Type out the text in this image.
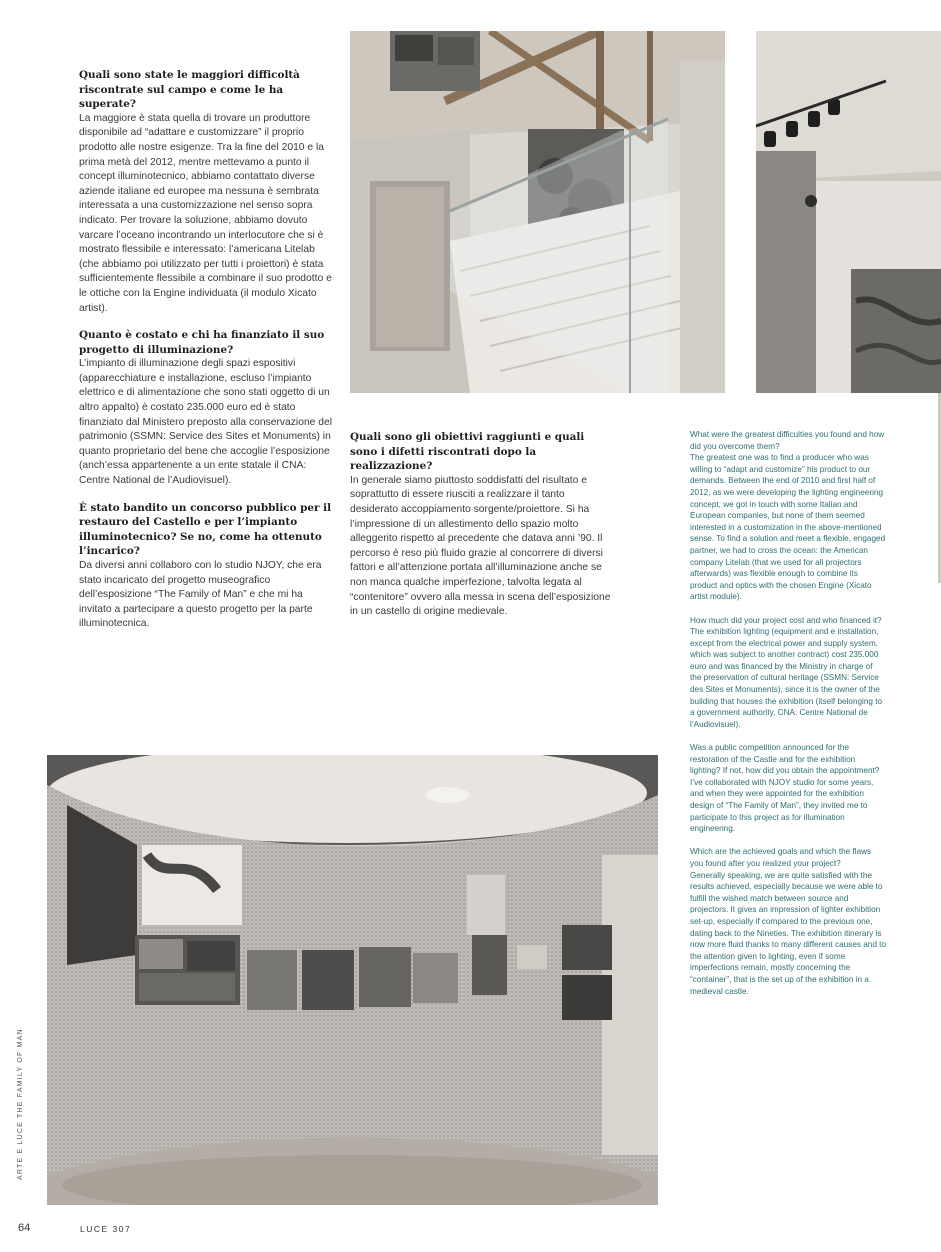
Quali sono state le maggiori difficoltà riscontrate sul campo e come le ha superate?
La maggiore è stata quella di trovare un produttore disponibile ad “adattare e customizzare” il proprio prodotto alle nostre esigenze. Tra la fine del 2010 e la prima metà del 2012, mentre mettevamo a punto il concept illuminotecnico, abbiamo contattato diverse aziende italiane ed europee ma nessuna è sembrata interessata a una customizzazione nel senso sopra indicato. Per trovare la soluzione, abbiamo dovuto varcare l’oceano incontrando un interlocutore che si è mostrato flessibile e interessato: l’americana Litelab (che abbiamo poi utilizzato per tutti i proiettori) è stata sufficientemente flessibile a combinare il suo prodotto e le ottiche con la Engine individuata (il modulo Xicato artist).

Quanto è costato e chi ha finanziato il suo progetto di illuminazione?
L’impianto di illuminazione degli spazi espositivi (apparecchiature e installazione, escluso l’impianto elettrico e di alimentazione che sono stati oggetto di un altro appalto) è costato 235.000 euro ed è stato finanziato dal Ministero preposto alla conservazione del patrimonio (SSMN: Service des Sites et Monuments) in quanto proprietario del bene che accoglie l’esposizione (anch’essa appartenente a un ente statale il CNA: Centre National de l’Audiovisuel).

È stato bandito un concorso pubblico per il restauro del Castello e per l’impianto illuminotecnico? Se no, come ha ottenuto l’incarico?
Da diversi anni collaboro con lo studio NJOY, che era stato incaricato del progetto museografico dell’esposizione “The Family of Man” e che mi ha invitato a partecipare a questo progetto per la parte illuminotecnica.

Quali sono gli obiettivi raggiunti e quali sono i difetti riscontrati dopo la realizzazione?
In generale siamo piuttosto soddisfatti del risultato e soprattutto di essere riusciti a realizzare il tanto desiderato accoppiamento sorgente/proiettore. Si ha l’impressione di un allestimento dello spazio molto alleggerito rispetto al precedente che datava anni ’90. Il percorso è reso più fluido grazie al concorrere di diversi fattori e all’attenzione portata all’illuminazione anche se non manca qualche imperfezione, talvolta legata al “contenitore” ovvero alla messa in scena dell’esposizione in un castello di origine medievale.

What were the greatest difficulties you found and how did you overcome them?
The greatest one was to find a producer who was willing to “adapt and customize” his product to our demands. Between the end of 2010 and first half of 2012, as we were developing the lighting engineering concept, we got in touch with some Italian and European companies, but none of them seemed interested in a customization in the above-mentioned sense. To find a solution and meet a flexible, engaged partner, we had to cross the ocean: the American company Litelab (that we used for all projectors afterwards) was flexible enough to combine its product and optics with the chosen Engine (Xicato artist module).

How much did your project cost and who financed it?
The exhibition lighting (equipment and e installation, except from the electrical power and supply system, which was subject to another contract) cost 235.000 euro and was financed by the Ministry in charge of the preservation of cultural heritage (SSMN: Service des Sites et Monuments), since it is the owner of the building that houses the exhibition (itself belonging to a government authority, CNA: Centre National de l’Audiovisuel).

Was a public competition announced for the restoration of the Castle and for the exhibition lighting? If not, how did you obtain the appointment?
I’ve collaborated with NJOY studio for some years, and when they were appointed for the exhibition design of “The Family of Man”, they invited me to participate to this project as for illumination engineering.

Which are the achieved goals and which the flaws you found after you realized your project?
Generally speaking, we are quite satisfied with the results achieved, especially because we were able to fulfill the wished match between source and projectors. It gives an impression of lighter exhibition set-up, especially if compared to the previous one, dating back to the Nineties. The exhibition itinerary is now more fluid thanks to many different causes and to the attention given to lighting, even if some imperfections remain, mostly concerning the “container”, that is the set up of the exhibition in a medieval castle.

ARTE E LUCE THE FAMILY OF MAN
64	LUCE 307
